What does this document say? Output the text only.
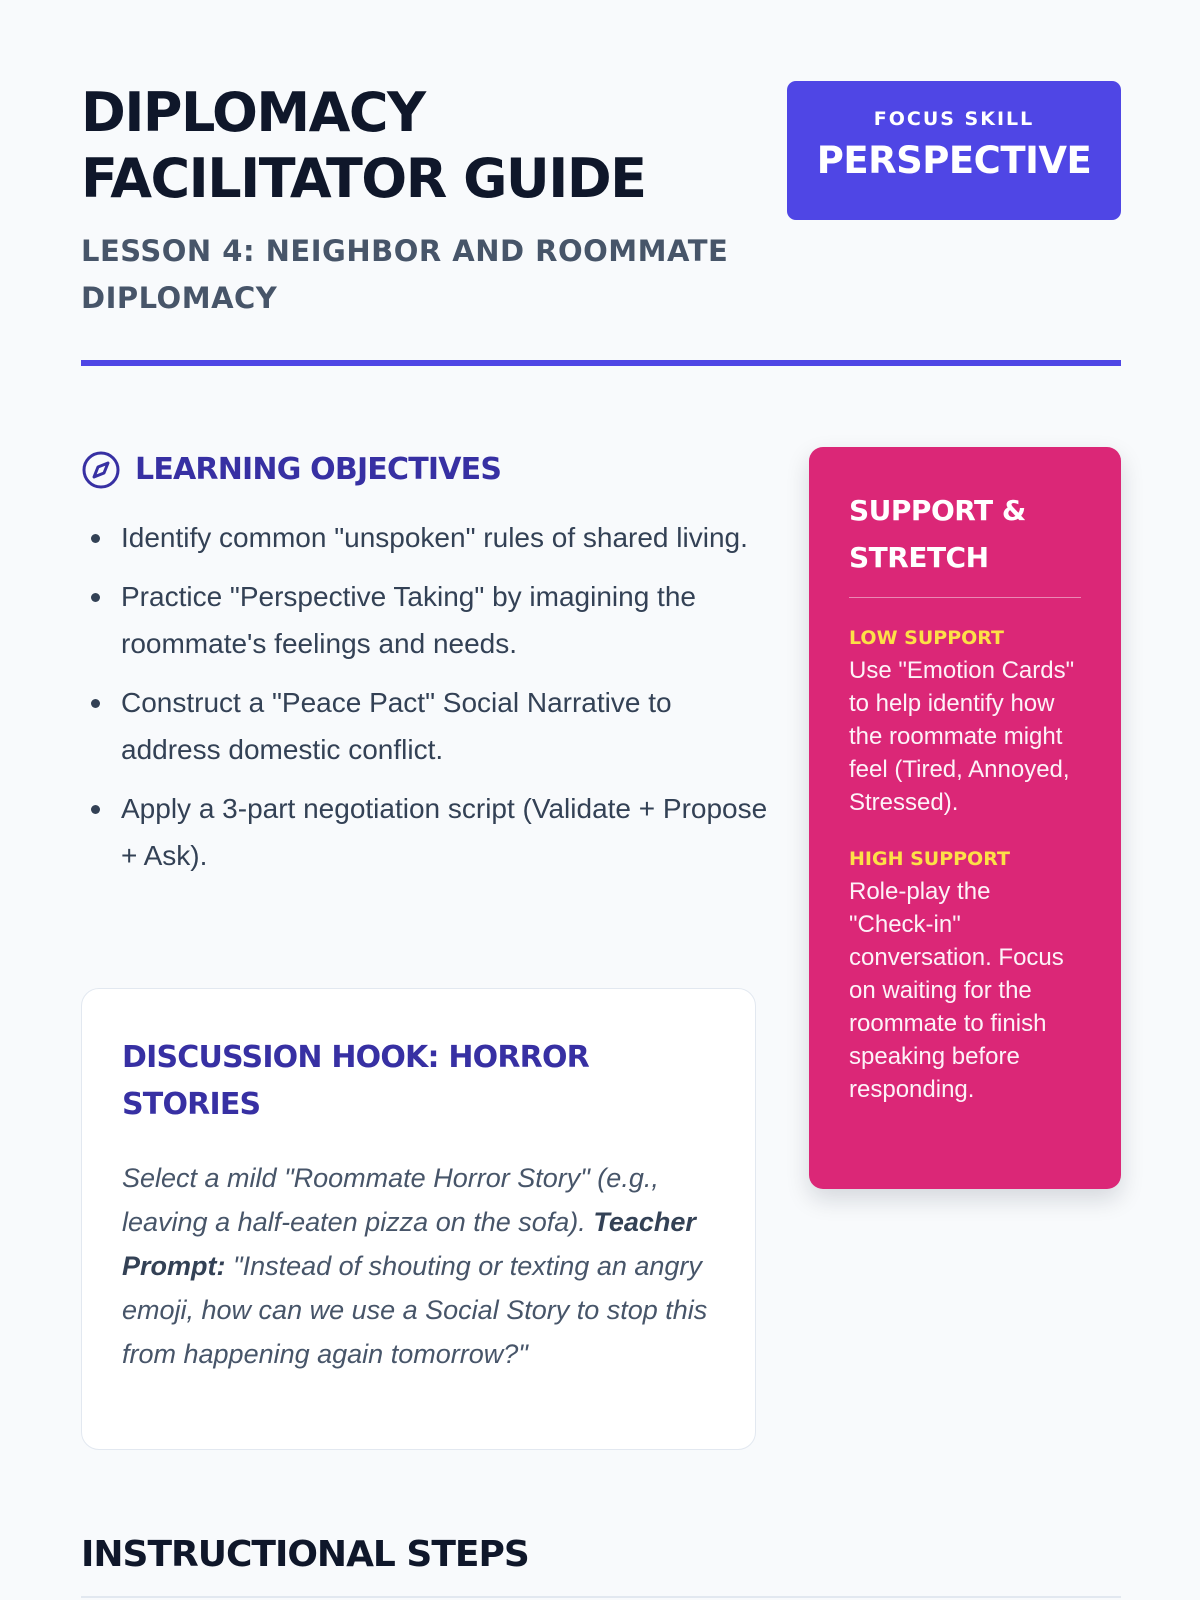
DIPLOMACY
FACILITATOR GUIDE
LESSON 4: NEIGHBOR AND ROOMMATE DIPLOMACY
FOCUS SKILL
PERSPECTIVE
LEARNING OBJECTIVES
Identify common "unspoken" rules of shared living.
Practice "Perspective Taking" by imagining the roommate's feelings and needs.
Construct a "Peace Pact" Social Narrative to address domestic conflict.
Apply a 3-part negotiation script (Validate + Propose + Ask).
DISCUSSION HOOK: HORROR STORIES

Select a mild "Roommate Horror Story" (e.g., leaving a half-eaten pizza on the sofa). Teacher Prompt: "Instead of shouting or texting an angry emoji, how can we use a Social Story to stop this from happening again tomorrow?"

SUPPORT & STRETCH
LOW SUPPORT

Use "Emotion Cards" to help identify how the roommate might feel (Tired, Annoyed, Stressed).

HIGH SUPPORT

Role-play the "Check-in" conversation. Focus on waiting for the roommate to finish speaking before responding.

INSTRUCTIONAL STEPS
